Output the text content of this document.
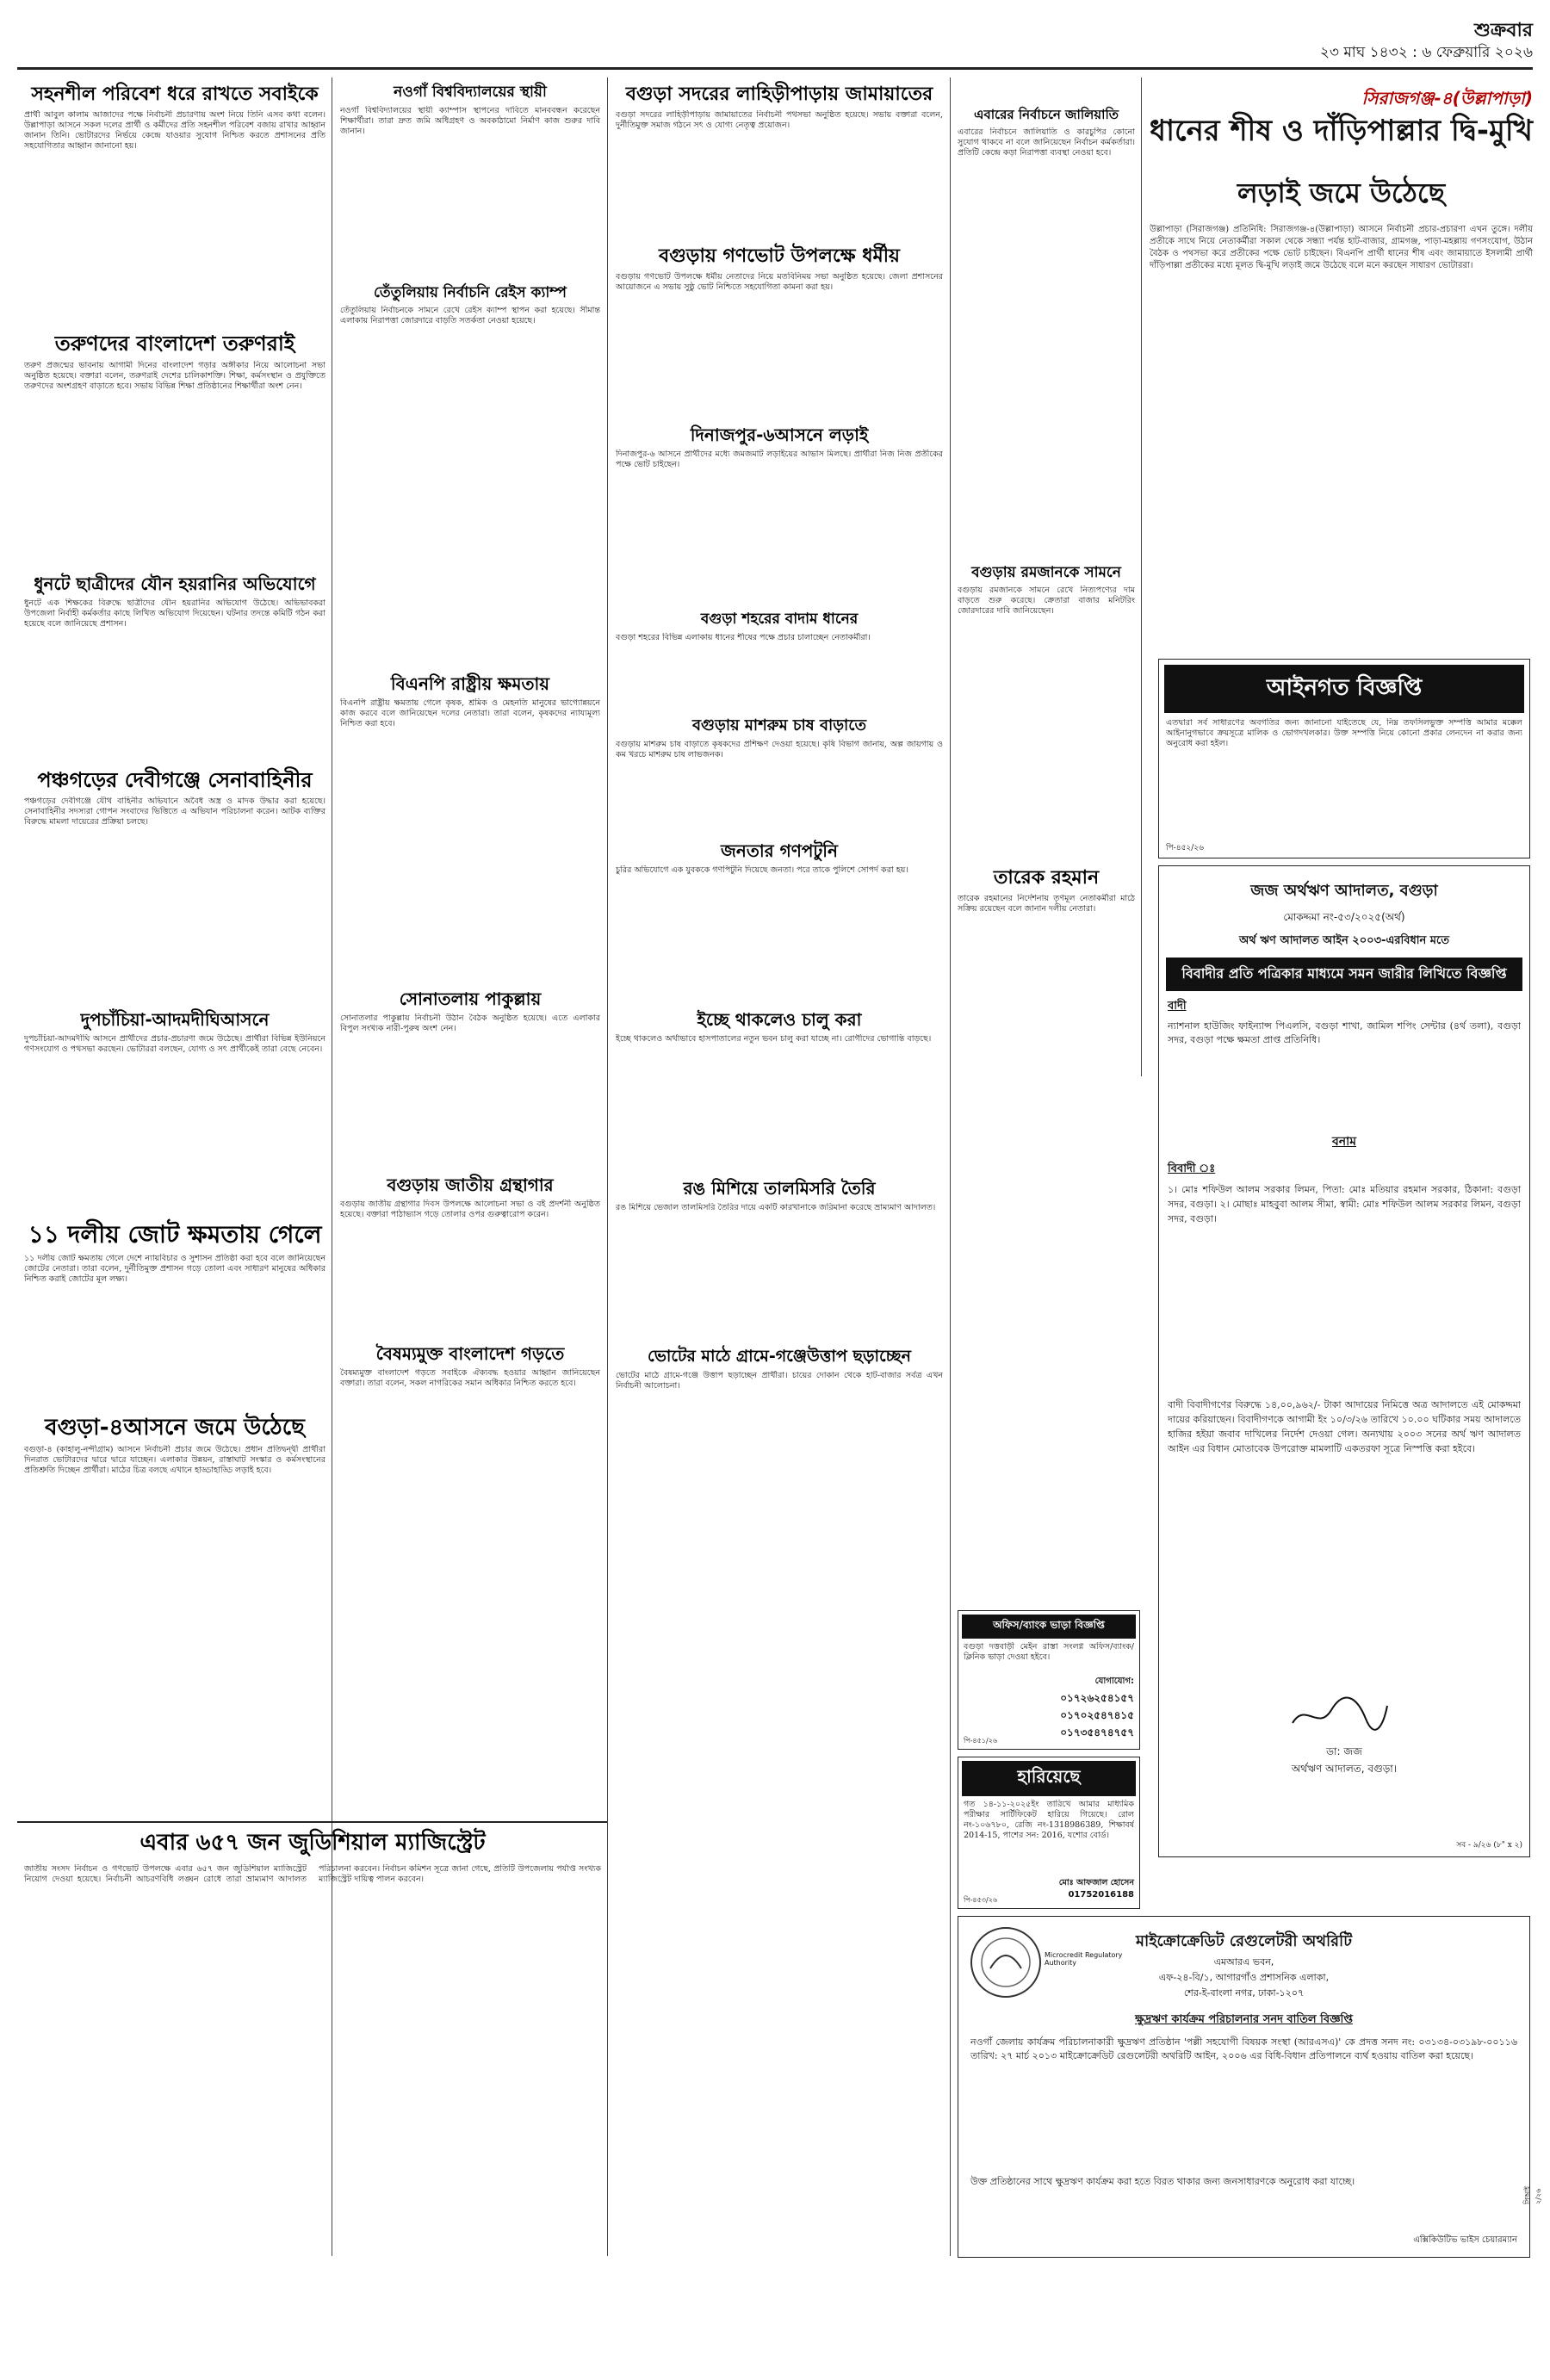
শুক্রবার
২৩ মাঘ ১৪৩২ : ৬ ফেব্রুয়ারি ২০২৬
সহনশীল পরিবেশ ধরে রাখতে সবাইকে
প্রার্থী আবুল কালাম আজাদের পক্ষে নির্বাচনী প্রচারণায় অংশ নিয়ে তিনি এসব কথা বলেন। উল্লাপাড়া আসনে সকল দলের প্রার্থী ও কর্মীদের প্রতি সহনশীল পরিবেশ বজায় রাখার আহ্বান জানান তিনি। ভোটারদের নির্ভয়ে কেন্দ্রে যাওয়ার সুযোগ নিশ্চিত করতে প্রশাসনের প্রতি সহযোগিতার আহ্বান জানানো হয়।
তরুণদের বাংলাদেশ তরুণরাই
তরুণ প্রজন্মের ভাবনায় আগামী দিনের বাংলাদেশ গড়ার অঙ্গীকার নিয়ে আলোচনা সভা অনুষ্ঠিত হয়েছে। বক্তারা বলেন, তরুণরাই দেশের চালিকাশক্তি। শিক্ষা, কর্মসংস্থান ও প্রযুক্তিতে তরুণদের অংশগ্রহণ বাড়াতে হবে। সভায় বিভিন্ন শিক্ষা প্রতিষ্ঠানের শিক্ষার্থীরা অংশ নেন।
ধুনটে ছাত্রীদের যৌন হয়রানির অভিযোগে
ধুনটে এক শিক্ষকের বিরুদ্ধে ছাত্রীদের যৌন হয়রানির অভিযোগ উঠেছে। অভিভাবকরা উপজেলা নির্বাহী কর্মকর্তার কাছে লিখিত অভিযোগ দিয়েছেন। ঘটনার তদন্তে কমিটি গঠন করা হয়েছে বলে জানিয়েছে প্রশাসন।
পঞ্চগড়ের দেবীগঞ্জে সেনাবাহিনীর
পঞ্চগড়ের দেবীগঞ্জে যৌথ বাহিনীর অভিযানে অবৈধ অস্ত্র ও মাদক উদ্ধার করা হয়েছে। সেনাবাহিনীর সদস্যরা গোপন সংবাদের ভিত্তিতে এ অভিযান পরিচালনা করেন। আটক ব্যক্তির বিরুদ্ধে মামলা দায়েরের প্রক্রিয়া চলছে।
দুপচাঁচিয়া-আদমদীঘিআসনে
দুপচাঁচিয়া-আদমদীঘি আসনে প্রার্থীদের প্রচার-প্রচারণা জমে উঠেছে। প্রার্থীরা বিভিন্ন ইউনিয়নে গণসংযোগ ও পথসভা করছেন। ভোটাররা বলছেন, যোগ্য ও সৎ প্রার্থীকেই তারা বেছে নেবেন।
১১ দলীয় জোট ক্ষমতায় গেলে
১১ দলীয় জোট ক্ষমতায় গেলে দেশে ন্যায়বিচার ও সুশাসন প্রতিষ্ঠা করা হবে বলে জানিয়েছেন জোটের নেতারা। তারা বলেন, দুর্নীতিমুক্ত প্রশাসন গড়ে তোলা এবং সাধারণ মানুষের অধিকার নিশ্চিত করাই জোটের মূল লক্ষ্য।
বগুড়া-৪আসনে জমে উঠেছে
বগুড়া-৪ (কাহালু-নন্দীগ্রাম) আসনে নির্বাচনী প্রচার জমে উঠেছে। প্রধান প্রতিদ্বন্দ্বী প্রার্থীরা দিনরাত ভোটারদের দ্বারে দ্বারে যাচ্ছেন। এলাকার উন্নয়ন, রাস্তাঘাট সংস্কার ও কর্মসংস্থানের প্রতিশ্রুতি দিচ্ছেন প্রার্থীরা। মাঠের চিত্র বলছে এখানে হাড্ডাহাড্ডি লড়াই হবে।
নওগাঁ বিশ্ববিদ্যালয়ের স্থায়ী
নওগাঁ বিশ্ববিদ্যালয়ের স্থায়ী ক্যাম্পাস স্থাপনের দাবিতে মানববন্ধন করেছেন শিক্ষার্থীরা। তারা দ্রুত জমি অধিগ্রহণ ও অবকাঠামো নির্মাণ কাজ শুরুর দাবি জানান।
তেঁতুলিয়ায় নির্বাচনি রেইস ক্যাম্প
তেঁতুলিয়ায় নির্বাচনকে সামনে রেখে রেইস ক্যাম্প স্থাপন করা হয়েছে। সীমান্ত এলাকায় নিরাপত্তা জোরদারে বাড়তি সতর্কতা নেওয়া হয়েছে।
বিএনপি রাষ্ট্রীয় ক্ষমতায়
বিএনপি রাষ্ট্রীয় ক্ষমতায় গেলে কৃষক, শ্রমিক ও মেহনতি মানুষের ভাগ্যোন্নয়নে কাজ করবে বলে জানিয়েছেন দলের নেতারা। তারা বলেন, কৃষকদের ন্যায্যমূল্য নিশ্চিত করা হবে।
সোনাতলায় পাকুল্লায়
সোনাতলার পাকুল্লায় নির্বাচনী উঠান বৈঠক অনুষ্ঠিত হয়েছে। এতে এলাকার বিপুল সংখ্যক নারী-পুরুষ অংশ নেন।
বগুড়ায় জাতীয় গ্রন্থাগার
বগুড়ায় জাতীয় গ্রন্থাগার দিবস উপলক্ষে আলোচনা সভা ও বই প্রদর্শনী অনুষ্ঠিত হয়েছে। বক্তারা পাঠাভ্যাস গড়ে তোলার ওপর গুরুত্বারোপ করেন।
বৈষম্যমুক্ত বাংলাদেশ গড়তে
বৈষম্যমুক্ত বাংলাদেশ গড়তে সবাইকে ঐক্যবদ্ধ হওয়ার আহ্বান জানিয়েছেন বক্তারা। তারা বলেন, সকল নাগরিকের সমান অধিকার নিশ্চিত করতে হবে।
বগুড়া সদরের লাহিড়ীপাড়ায় জামায়াতের
বগুড়া সদরের লাহিড়ীপাড়ায় জামায়াতের নির্বাচনী পথসভা অনুষ্ঠিত হয়েছে। সভায় বক্তারা বলেন, দুর্নীতিমুক্ত সমাজ গঠনে সৎ ও যোগ্য নেতৃত্ব প্রয়োজন।
বগুড়ায় গণভোট উপলক্ষে ধর্মীয়
বগুড়ায় গণভোট উপলক্ষে ধর্মীয় নেতাদের নিয়ে মতবিনিময় সভা অনুষ্ঠিত হয়েছে। জেলা প্রশাসনের আয়োজনে এ সভায় সুষ্ঠু ভোট নিশ্চিতে সহযোগিতা কামনা করা হয়।
দিনাজপুর-৬আসনে লড়াই
দিনাজপুর-৬ আসনে প্রার্থীদের মধ্যে জমজমাট লড়াইয়ের আভাস মিলছে। প্রার্থীরা নিজ নিজ প্রতীকের পক্ষে ভোট চাইছেন।
বগুড়া শহরের বাদাম ধানের
বগুড়া শহরের বিভিন্ন এলাকায় ধানের শীষের পক্ষে প্রচার চালাচ্ছেন নেতাকর্মীরা।
বগুড়ায় মাশরুম চাষ বাড়াতে
বগুড়ায় মাশরুম চাষ বাড়াতে কৃষকদের প্রশিক্ষণ দেওয়া হয়েছে। কৃষি বিভাগ জানায়, অল্প জায়গায় ও কম খরচে মাশরুম চাষ লাভজনক।
জনতার গণপটুনি
চুরির অভিযোগে এক যুবককে গণপিটুনি দিয়েছে জনতা। পরে তাকে পুলিশে সোপর্দ করা হয়।
ইচ্ছে থাকলেও চালু করা
ইচ্ছে থাকলেও অর্থাভাবে হাসপাতালের নতুন ভবন চালু করা যাচ্ছে না। রোগীদের ভোগান্তি বাড়ছে।
রঙ মিশিয়ে তালমিসরি তৈরি
রঙ মিশিয়ে ভেজাল তালমিসরি তৈরির দায়ে একটি কারখানাকে জরিমানা করেছে ভ্রাম্যমাণ আদালত।
ভোটের মাঠে গ্রামে-গঞ্জেউত্তাপ ছড়াচ্ছেন
ভোটের মাঠে গ্রামে-গঞ্জে উত্তাপ ছড়াচ্ছেন প্রার্থীরা। চায়ের দোকান থেকে হাট-বাজার সর্বত্র এখন নির্বাচনী আলোচনা।
এবারের নির্বাচনে জালিয়াতি
এবারের নির্বাচনে জালিয়াতি ও কারচুপির কোনো সুযোগ থাকবে না বলে জানিয়েছেন নির্বাচন কর্মকর্তারা। প্রতিটি কেন্দ্রে কড়া নিরাপত্তা ব্যবস্থা নেওয়া হবে।
বগুড়ায় রমজানকে সামনে
বগুড়ায় রমজানকে সামনে রেখে নিত্যপণ্যের দাম বাড়তে শুরু করেছে। ক্রেতারা বাজার মনিটরিং জোরদারের দাবি জানিয়েছেন।
তারেক রহমান
তারেক রহমানের নির্দেশনায় তৃণমূল নেতাকর্মীরা মাঠে সক্রিয় রয়েছেন বলে জানান দলীয় নেতারা।
সিরাজগঞ্জ-৪(উল্লাপাড়া)
ধানের শীষ ও দাঁড়িপাল্লার দ্বি-মুখি
লড়াই জমে উঠেছে
উল্লাপাড়া (সিরাজগঞ্জ) প্রতিনিধি: সিরাজগঞ্জ-৪(উল্লাপাড়া) আসনে নির্বাচনী প্রচার-প্রচারণা এখন তুঙ্গে। দলীয় প্রতীকে সাথে নিয়ে নেতাকর্মীরা সকাল থেকে সন্ধ্যা পর্যন্ত হাট-বাজার, গ্রামগঞ্জ, পাড়া-মহল্লায় গণসংযোগ, উঠান বৈঠক ও পথসভা করে প্রতীকের পক্ষে ভোট চাইছেন। বিএনপি প্রার্থী ধানের শীষ এবং জামায়াতে ইসলামী প্রার্থী দাঁড়িপাল্লা প্রতীকের মধ্যে মূলত দ্বি-মুখি লড়াই জমে উঠেছে বলে মনে করছেন সাধারণ ভোটাররা।
আইনগত বিজ্ঞপ্তি
এতদ্বারা সর্ব সাধারণের অবগতির জন্য জানানো যাইতেছে যে, নিম্ন তফসিলভুক্ত সম্পত্তি আমার মক্কেল আইনানুগভাবে ক্রয়সূত্রে মালিক ও ভোগদখলকার। উক্ত সম্পত্তি নিয়ে কোনো প্রকার লেনদেন না করার জন্য অনুরোধ করা হইল।
পি-৪৫২/২৬
জজ অর্থঋণ আদালত, বগুড়া
মোকদ্দমা নং-৫৩/২০২৫(অর্থ)
অর্থ ঋণ আদালত আইন ২০০৩-এরবিধান মতে
বিবাদীর প্রতি পত্রিকার মাধ্যমে সমন জারীর লিখিতে বিজ্ঞপ্তি
বাদী
ন্যাশনাল হাউজিং ফাইন্যান্স পিএলসি, বগুড়া শাখা, জামিল শপিং সেন্টার (৪র্থ তলা), বগুড়া সদর, বগুড়া পক্ষে ক্ষমতা প্রাপ্ত প্রতিনিধি।
বনাম
বিবাদী ঃ
১। মোঃ শফিউল আলম সরকার লিমন, পিতা: মোঃ মতিয়ার রহমান সরকার, ঠিকানা: বগুড়া সদর, বগুড়া। ২। মোছাঃ মাহবুবা আলম সীমা, স্বামী: মোঃ শফিউল আলম সরকার লিমন, বগুড়া সদর, বগুড়া।
বাদী বিবাদীগণের বিরুদ্ধে ১৪,০০,৯৬২/- টাকা আদায়ের নিমিত্তে অত্র আদালতে এই মোকদ্দমা দায়ের করিয়াছেন। বিবাদীগণকে আগামী ইং ১০/৩/২৬ তারিখে ১০.০০ ঘটিকার সময় আদালতে হাজির হইয়া জবাব দাখিলের নির্দেশ দেওয়া গেল। অন্যথায় ২০০৩ সনের অর্থ ঋণ আদালত আইন এর বিধান মোতাবেক উপরোক্ত মামলাটি একতরফা সূত্রে নিস্পত্তি করা হইবে।
ডা: জজ
অর্থঋণ আদালত, বগুড়া।
সব - ৯/২৬ (৮" x ২)
অফিস/ব্যাংক ভাড়া বিজ্ঞপ্তি
বগুড়া দত্তবাড়ী মেইন রাস্তা সংলগ্ন অফিস/ব্যাংক/ক্লিনিক ভাড়া দেওয়া হইবে।
যোগাযোগ:
০১৭২৬২৫৪১৫৭
০১৭০২৫৪৭৪১৫
০১৭৩৫৪৭৪৭৫৭
পি-৪৫১/২৬
হারিয়েছে
গত ১৪-১১-২০২৫ইং তারিখে আমার মাধ্যমিক পরীক্ষার সার্টিফিকেট হারিয়ে গিয়েছে। রোল নং-১০৬৭৮০, রেজি নং-1318986389, শিক্ষাবর্ষ 2014-15, পাশের সন: 2016, যশোর বোর্ড।
মোঃ আফজাল হোসেন
01752016188
পি-৪৫৩/২৬
এবার ৬৫৭ জন জুডিশিয়াল ম্যাজিস্ট্রেট
জাতীয় সংসদ নির্বাচন ও গণভোট উপলক্ষে এবার ৬৫৭ জন জুডিশিয়াল ম্যাজিস্ট্রেট নিয়োগ দেওয়া হয়েছে। নির্বাচনী আচরণবিধি লঙ্ঘন রোধে তারা ভ্রাম্যমাণ আদালত পরিচালনা করবেন। নির্বাচন কমিশন সূত্রে জানা গেছে, প্রতিটি উপজেলায় পর্যাপ্ত সংখ্যক ম্যাজিস্ট্রেট দায়িত্ব পালন করবেন।
Microcredit Regulatory Authority
মাইক্রোক্রেডিট রেগুলেটরী অথরিটি
এমআরএ ভবন,
এফ-২৪-বি/১, আগারগাঁও প্রশাসনিক এলাকা,
শের-ই-বাংলা নগর, ঢাকা-১২০৭
ক্ষুদ্রঋণ কার্যক্রম পরিচালনার সনদ বাতিল বিজ্ঞপ্তি
নওগাঁ জেলায় কার্যক্রম পরিচালনাকারী ক্ষুদ্রঋণ প্রতিষ্ঠান 'পল্লী সহযোগী বিষয়ক সংস্থা (আরএসএ)' কে প্রদত্ত সনদ নং: ০৩১৩৪-০৩১৯৮-০০১১৬ তারিখ: ২৭ মার্চ ২০১৩ মাইক্রোক্রেডিট রেগুলেটরী অথরিটি আইন, ২০০৬ এর বিধি-বিধান প্রতিপালনে ব্যর্থ হওয়ায় বাতিল করা হয়েছে।
উক্ত প্রতিষ্ঠানের সাথে ক্ষুদ্রঋণ কার্যক্রম করা হতে বিরত থাকার জন্য জনসাধারণকে অনুরোধ করা যাচ্ছে।
এক্সিকিউটিভ ভাইস চেয়ারম্যান
সিআই ২/২৬
